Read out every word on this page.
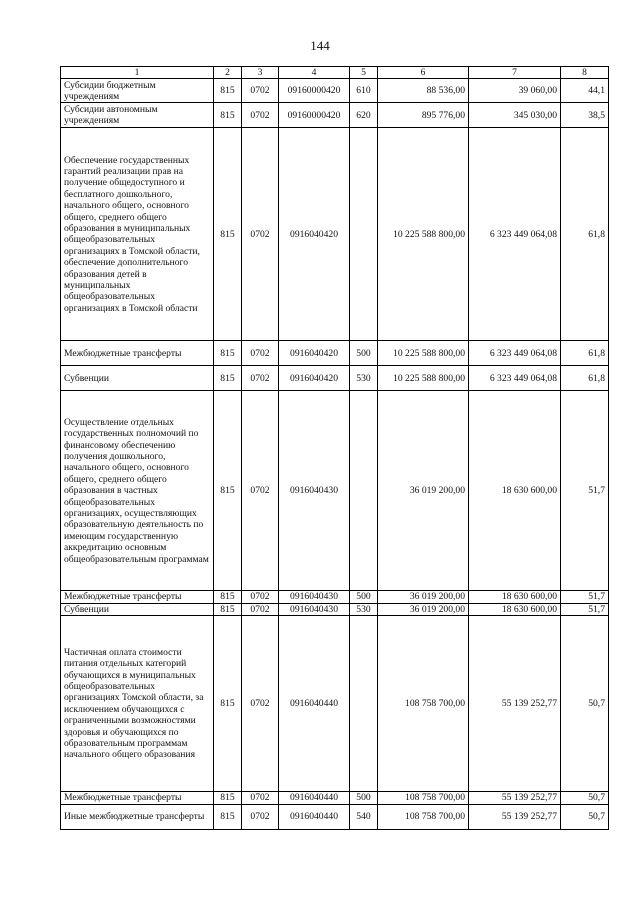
144
1	2	3	4	5	6	7	8
Субсидии бюджетным учреждениям	815	0702	09160000420	610	88 536,00	39 060,00	44,1
Субсидии автономным учреждениям	815	0702	09160000420	620	895 776,00	345 030,00	38,5
Обеспечение государственных гарантий реализации прав на получение общедоступного и бесплатного дошкольного, начального общего, основного общего, среднего общего образования в муниципальных общеобразовательных организациях в Томской области, обеспечение дополнительного образования детей в муниципальных общеобразовательных организациях в Томской области	815	0702	0916040420		10 225 588 800,00	6 323 449 064,08	61,8
Межбюджетные трансферты	815	0702	0916040420	500	10 225 588 800,00	6 323 449 064,08	61,8
Субвенции	815	0702	0916040420	530	10 225 588 800,00	6 323 449 064,08	61,8
Осуществление отдельных государственных полномочий по финансовому обеспечению получения дошкольного, начального общего, основного общего, среднего общего образования в частных общеобразовательных организациях, осуществляющих образовательную деятельность по имеющим государственную аккредитацию основным общеобразовательным программам	815	0702	0916040430		36 019 200,00	18 630 600,00	51,7
Межбюджетные трансферты	815	0702	0916040430	500	36 019 200,00	18 630 600,00	51,7
Субвенции	815	0702	0916040430	530	36 019 200,00	18 630 600,00	51,7
Частичная оплата стоимости питания отдельных категорий обучающихся в муниципальных общеобразовательных организациях Томской области, за исключением обучающихся с ограниченными возможностями здоровья и обучающихся по образовательным программам начального общего образования	815	0702	0916040440		108 758 700,00	55 139 252,77	50,7
Межбюджетные трансферты	815	0702	0916040440	500	108 758 700,00	55 139 252,77	50,7
Иные межбюджетные трансферты	815	0702	0916040440	540	108 758 700,00	55 139 252,77	50,7
